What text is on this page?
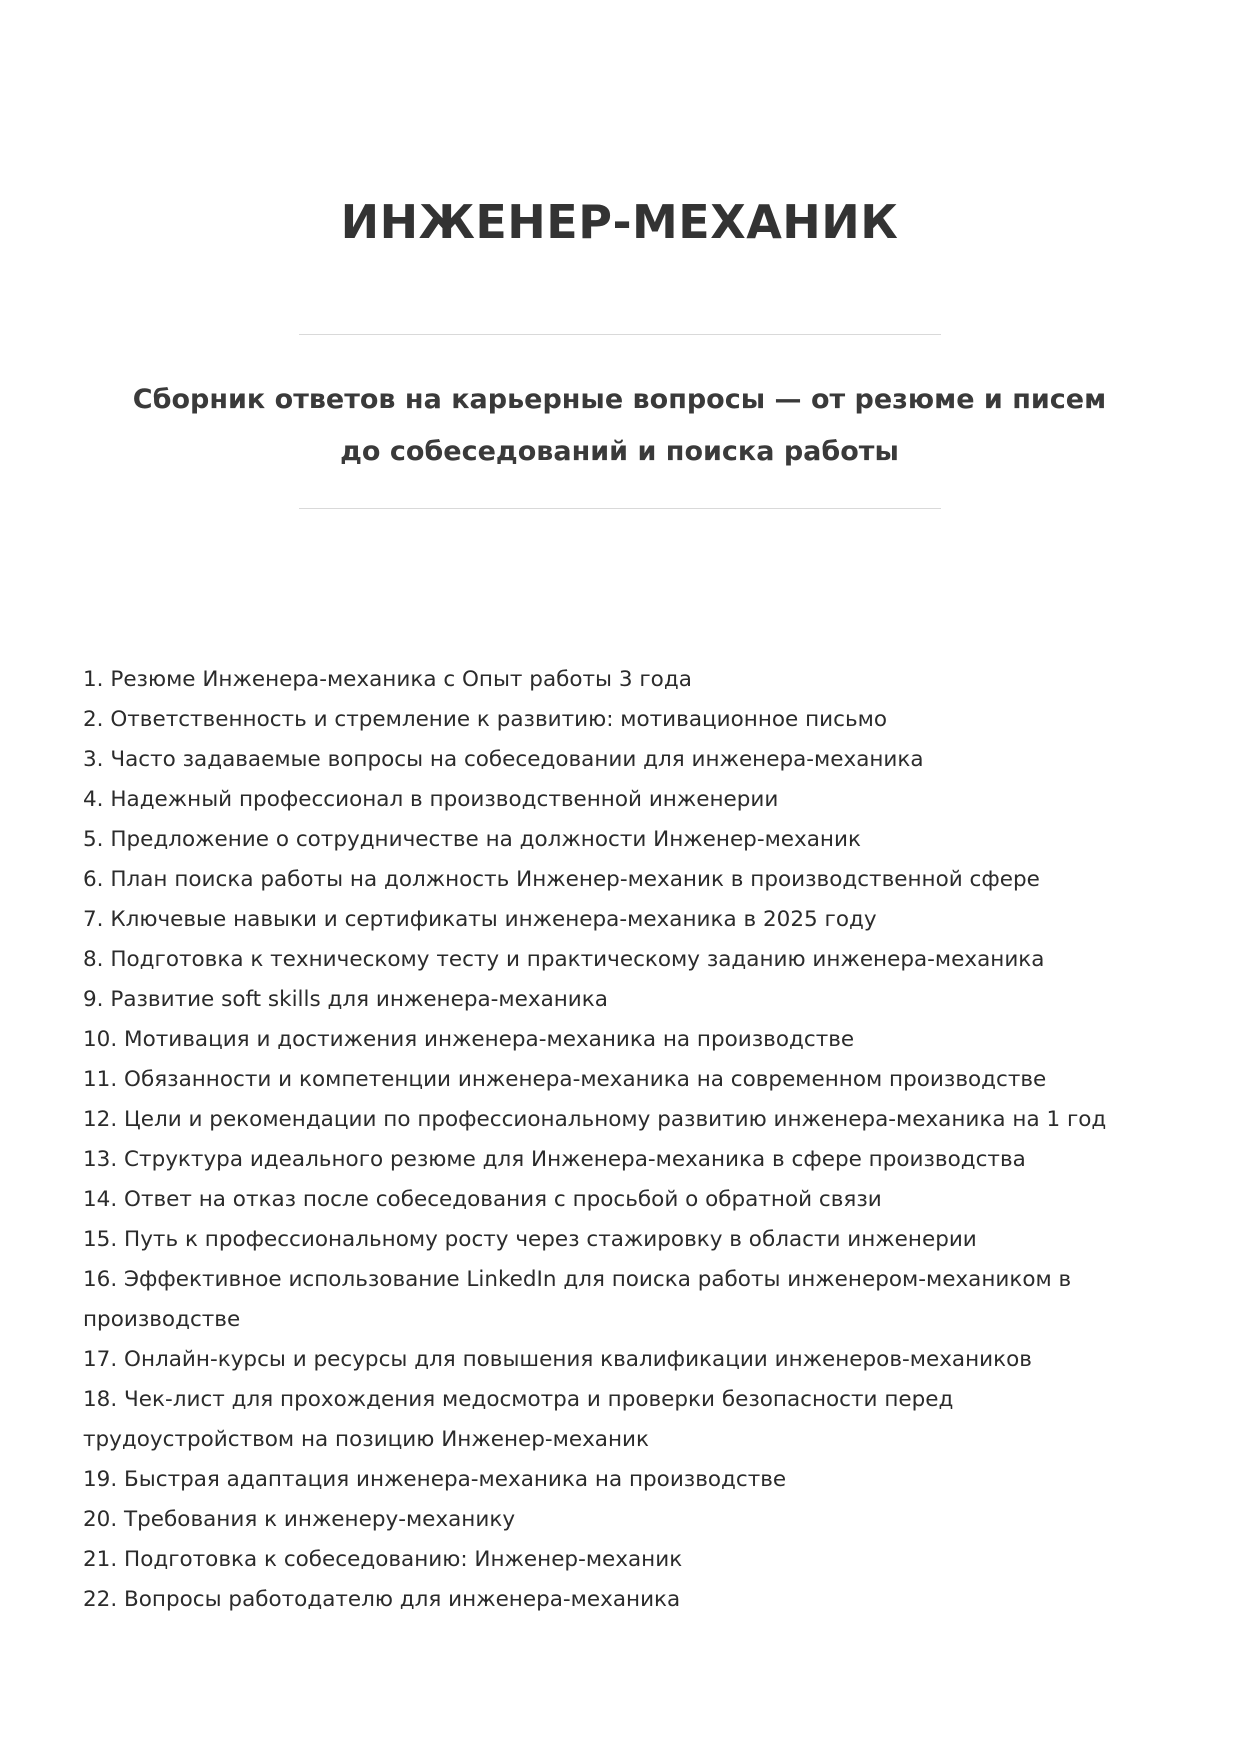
ИНЖЕНЕР-МЕХАНИК

Сборник ответов на карьерные вопросы — от резюме и писем до собеседований и поиска работы

1. Резюме Инженера-механика с Опыт работы 3 года
2. Ответственность и стремление к развитию: мотивационное письмо
3. Часто задаваемые вопросы на собеседовании для инженера-механика
4. Надежный профессионал в производственной инженерии
5. Предложение о сотрудничестве на должности Инженер-механик
6. План поиска работы на должность Инженер-механик в производственной сфере
7. Ключевые навыки и сертификаты инженера-механика в 2025 году
8. Подготовка к техническому тесту и практическому заданию инженера-механика
9. Развитие soft skills для инженера-механика
10. Мотивация и достижения инженера-механика на производстве
11. Обязанности и компетенции инженера-механика на современном производстве
12. Цели и рекомендации по профессиональному развитию инженера-механика на 1 год
13. Структура идеального резюме для Инженера-механика в сфере производства
14. Ответ на отказ после собеседования с просьбой о обратной связи
15. Путь к профессиональному росту через стажировку в области инженерии
16. Эффективное использование LinkedIn для поиска работы инженером-механиком в производстве
17. Онлайн-курсы и ресурсы для повышения квалификации инженеров-механиков
18. Чек-лист для прохождения медосмотра и проверки безопасности перед трудоустройством на позицию Инженер-механик
19. Быстрая адаптация инженера-механика на производстве
20. Требования к инженеру-механику
21. Подготовка к собеседованию: Инженер-механик
22. Вопросы работодателю для инженера-механика
